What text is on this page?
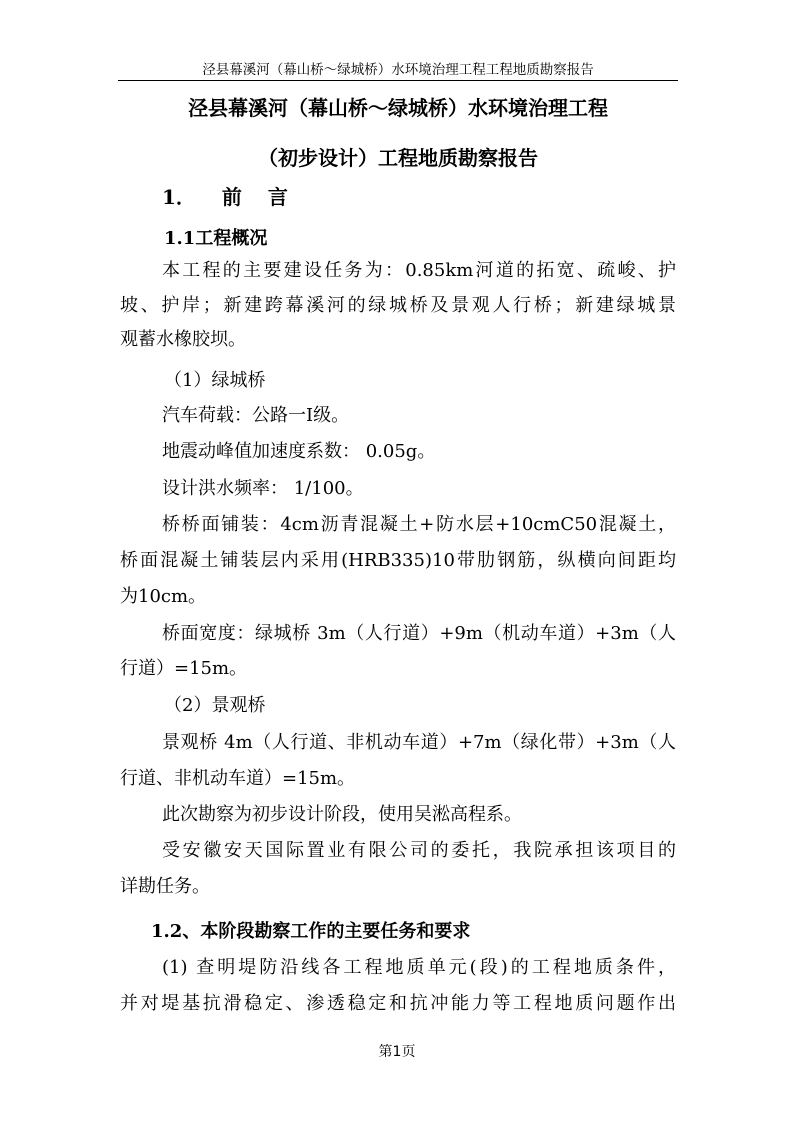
泾县幕溪河（幕山桥～绿城桥）水环境治理工程工程地质勘察报告
泾县幕溪河（幕山桥～绿城桥）水环境治理工程
（初步设计）工程地质勘察报告
1． 前 言
1.1工程概况
本工程的主要建设任务为：0.85km河道的拓宽、疏峻、护
坡、护岸；新建跨幕溪河的绿城桥及景观人行桥；新建绿城景
观蓄水橡胶坝。
（1）绿城桥
汽车荷载：公路一Ⅰ级。
地震动峰值加速度系数： 0.05g。
设计洪水频率： 1/100。
桥桥面铺装：4cm沥青混凝土+防水层+10cmC50混凝土，
桥面混凝土铺装层内采用(HRB335)10带肋钢筋，纵横向间距均
为10cm。
桥面宽度：绿城桥 3m（人行道）+9m（机动车道）+3m（人
行道）=15m。
（2）景观桥
景观桥 4m（人行道、非机动车道）+7m（绿化带）+3m（人
行道、非机动车道）=15m。
此次勘察为初步设计阶段，使用吴淞高程系。
受安徽安天国际置业有限公司的委托，我院承担该项目的
详勘任务。
1.2、本阶段勘察工作的主要任务和要求
(1) 查明堤防沿线各工程地质单元(段)的工程地质条件，
并对堤基抗滑稳定、渗透稳定和抗冲能力等工程地质问题作出
第1页
